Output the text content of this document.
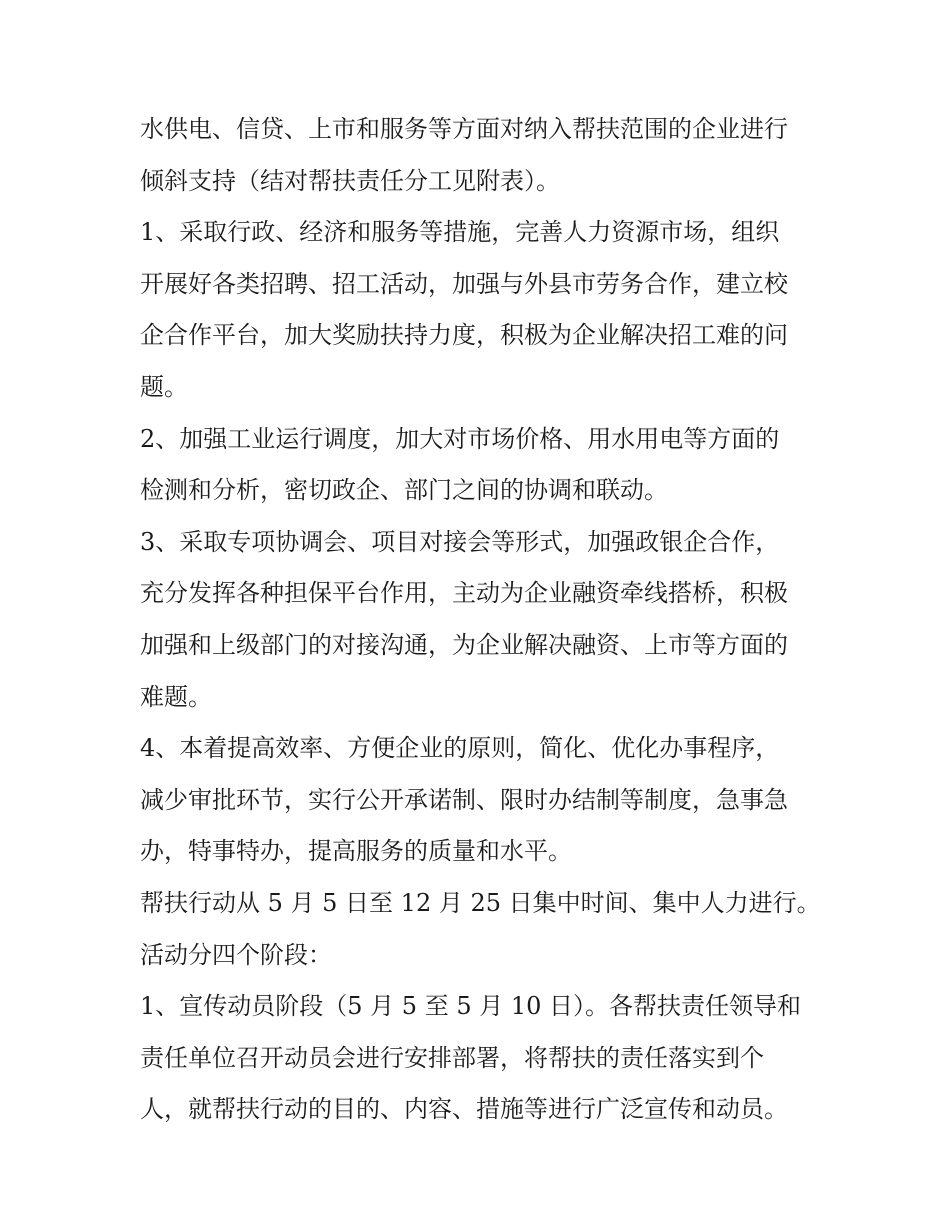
水供电、信贷、上市和服务等方面对纳入帮扶范围的企业进行
倾斜支持（结对帮扶责任分工见附表）。
1、采取行政、经济和服务等措施，完善人力资源市场，组织
开展好各类招聘、招工活动，加强与外县市劳务合作，建立校
企合作平台，加大奖励扶持力度，积极为企业解决招工难的问
题。
2、加强工业运行调度，加大对市场价格、用水用电等方面的
检测和分析，密切政企、部门之间的协调和联动。
3、采取专项协调会、项目对接会等形式，加强政银企合作，
充分发挥各种担保平台作用，主动为企业融资牵线搭桥，积极
加强和上级部门的对接沟通，为企业解决融资、上市等方面的
难题。
4、本着提高效率、方便企业的原则，简化、优化办事程序，
减少审批环节，实行公开承诺制、限时办结制等制度，急事急
办，特事特办，提高服务的质量和水平。
帮扶行动从 5 月 5 日至 12 月 25 日集中时间、集中人力进行。
活动分四个阶段：
1、宣传动员阶段（5 月 5 至 5 月 10 日）。各帮扶责任领导和
责任单位召开动员会进行安排部署，将帮扶的责任落实到个
人，就帮扶行动的目的、内容、措施等进行广泛宣传和动员。
